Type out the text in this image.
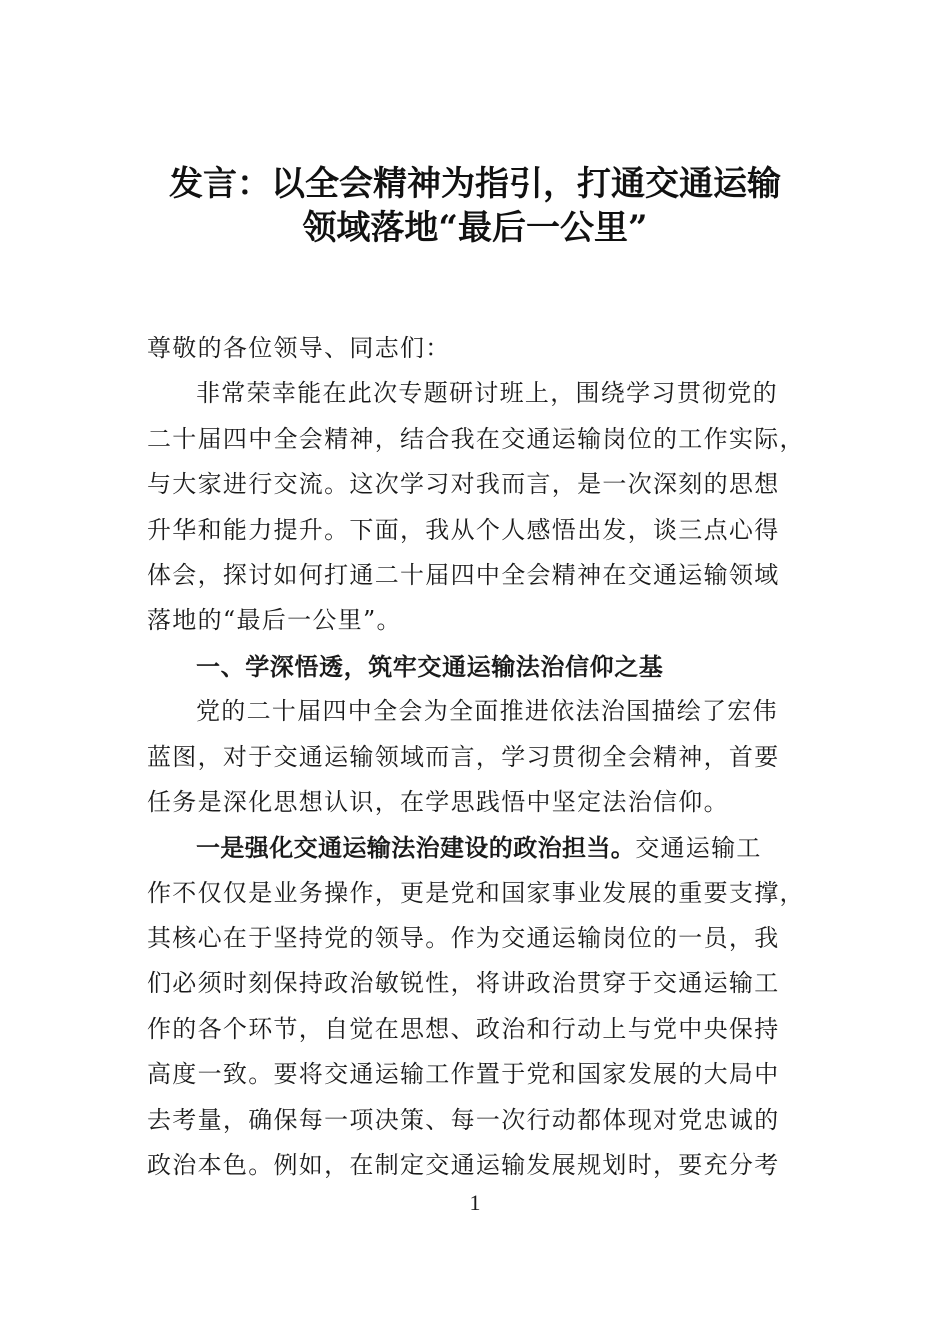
发言：以全会精神为指引，打通交通运输
领域落地“最后一公里”
尊敬的各位领导、同志们：
非常荣幸能在此次专题研讨班上，围绕学习贯彻党的
二十届四中全会精神，结合我在交通运输岗位的工作实际，
与大家进行交流。这次学习对我而言，是一次深刻的思想
升华和能力提升。下面，我从个人感悟出发，谈三点心得
体会，探讨如何打通二十届四中全会精神在交通运输领域
落地的“最后一公里”。
一、学深悟透，筑牢交通运输法治信仰之基
党的二十届四中全会为全面推进依法治国描绘了宏伟
蓝图，对于交通运输领域而言，学习贯彻全会精神，首要
任务是深化思想认识，在学思践悟中坚定法治信仰。
一是强化交通运输法治建设的政治担当。交通运输工
作不仅仅是业务操作，更是党和国家事业发展的重要支撑，
其核心在于坚持党的领导。作为交通运输岗位的一员，我
们必须时刻保持政治敏锐性，将讲政治贯穿于交通运输工
作的各个环节，自觉在思想、政治和行动上与党中央保持
高度一致。要将交通运输工作置于党和国家发展的大局中
去考量，确保每一项决策、每一次行动都体现对党忠诚的
政治本色。例如，在制定交通运输发展规划时，要充分考
1
